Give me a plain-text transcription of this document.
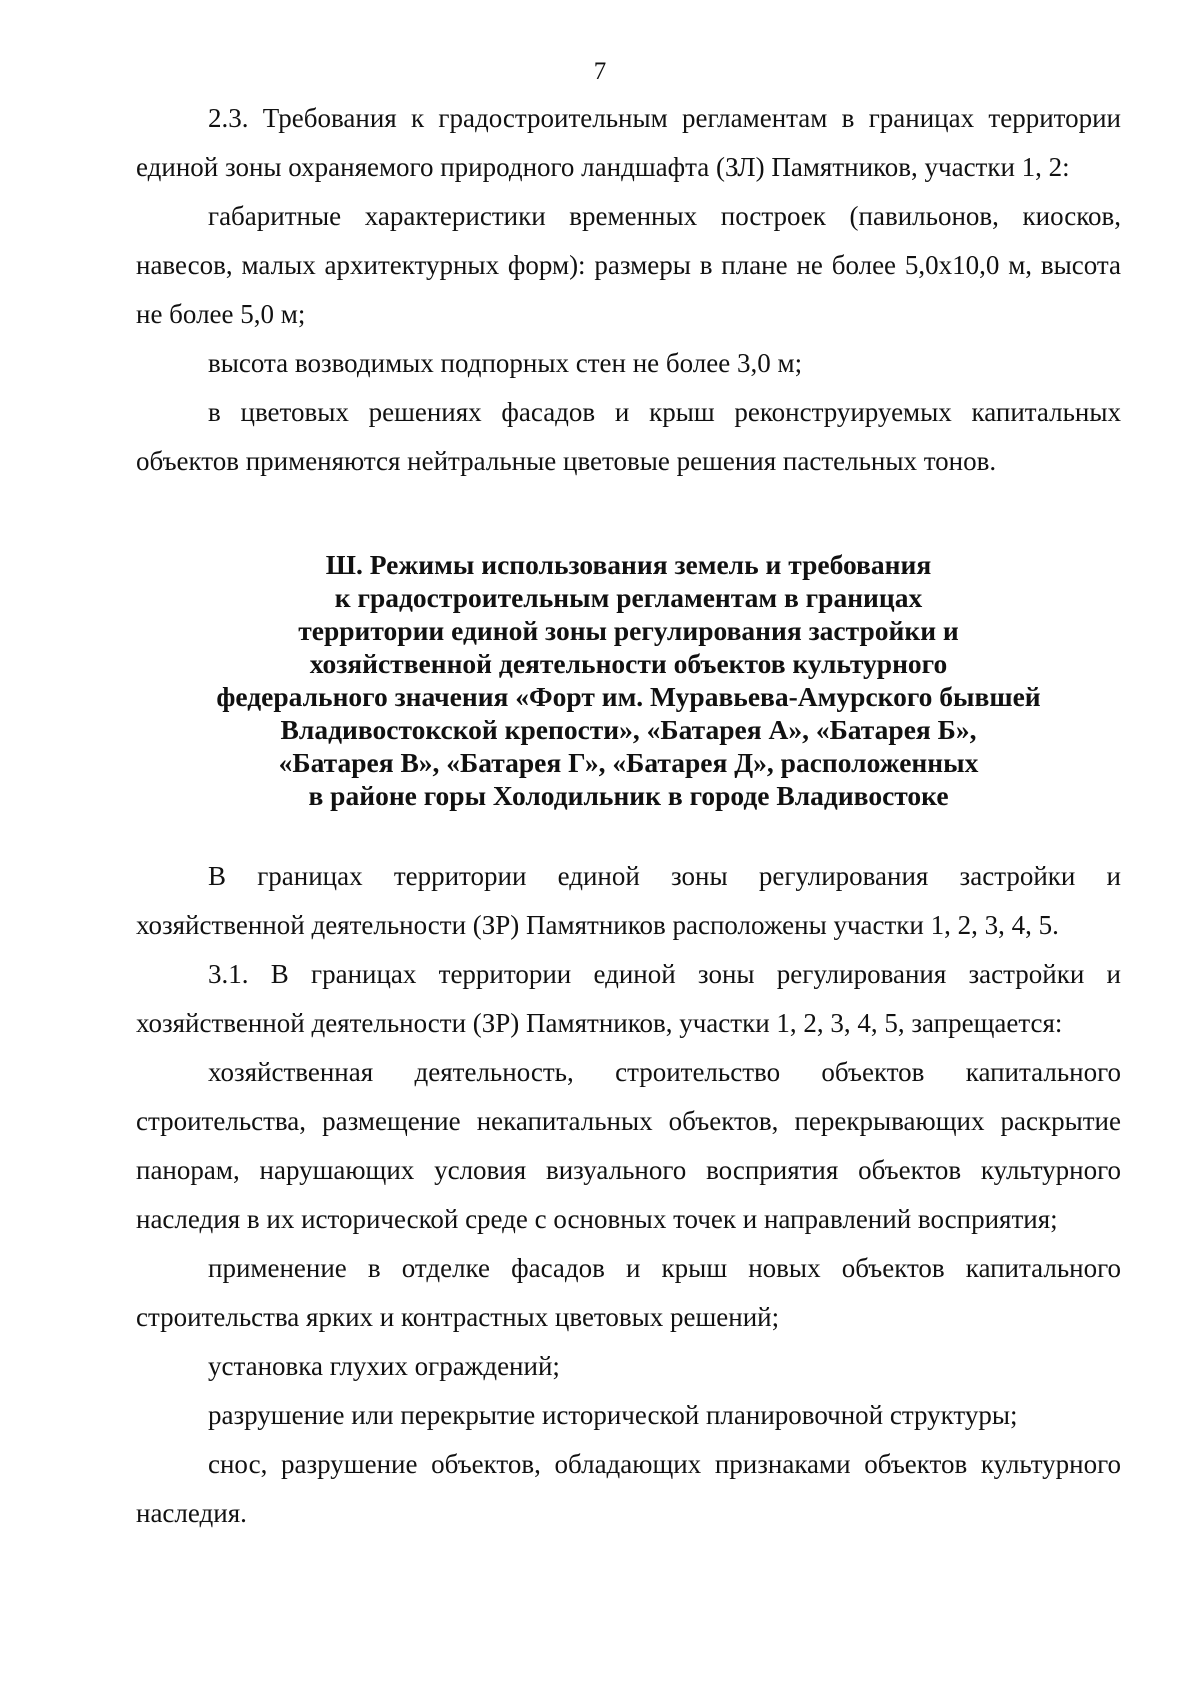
7

2.3. Требования к градостроительным регламентам в границах территории единой зоны охраняемого природного ландшафта (ЗЛ) Памятников, участки 1, 2:

габаритные характеристики временных построек (павильонов, киосков, навесов, малых архитектурных форм): размеры в плане не более 5,0х10,0 м, высота не более 5,0 м;

высота возводимых подпорных стен не более 3,0 м;

в цветовых решениях фасадов и крыш реконструируемых капитальных объектов применяются нейтральные цветовые решения пастельных тонов.

Ш. Режимы использования земель и требования
к градостроительным регламентам в границах
территории единой зоны регулирования застройки и
хозяйственной деятельности объектов культурного
федерального значения «Форт им. Муравьева-Амурского бывшей
Владивостокской крепости», «Батарея А», «Батарея Б»,
«Батарея В», «Батарея Г», «Батарея Д», расположенных
в районе горы Холодильник в городе Владивостоке

В границах территории единой зоны регулирования застройки и хозяйственной деятельности (ЗР) Памятников расположены участки 1, 2, 3, 4, 5.

3.1. В границах территории единой зоны регулирования застройки и хозяйственной деятельности (ЗР) Памятников, участки 1, 2, 3, 4, 5, запрещается:

хозяйственная деятельность, строительство объектов капитального строительства, размещение некапитальных объектов, перекрывающих раскрытие панорам, нарушающих условия визуального восприятия объектов культурного наследия в их исторической среде с основных точек и направлений восприятия;

применение в отделке фасадов и крыш новых объектов капитального строительства ярких и контрастных цветовых решений;

установка глухих ограждений;

разрушение или перекрытие исторической планировочной структуры;

снос, разрушение объектов, обладающих признаками объектов культурного наследия.
